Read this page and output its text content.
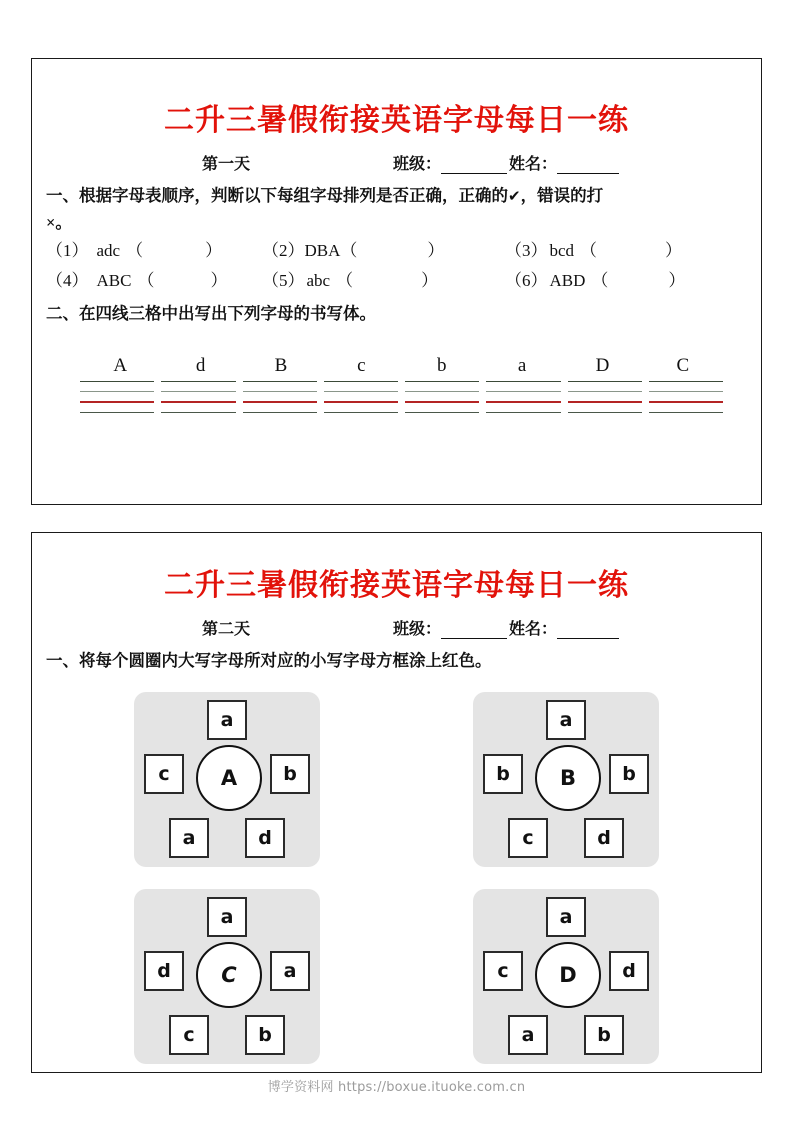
二升三暑假衔接英语字母每日一练
第一天	班级：	姓名：
一、根据字母表顺序，判断以下每组字母排列是否正确，正确的✔，错误的打
×。
（1） adc （	） （2） DBA （	）	（3） bcd （	）
（4） ABC （	） （5） abc （	）	（6） ABD （	）
二、在四线三格中出写出下列字母的书写体。
A	d	B	c	b	a	D	C
二升三暑假衔接英语字母每日一练
第二天	班级：	姓名：
一、将每个圆圈内大写字母所对应的小写字母方框涂上红色。
a
c	b
a	d
A
a
b	b
c	d
B
a
d	a
c	b
C
a
c	d
a	b
D
博学资料网 https://boxue.ituoke.com.cn
